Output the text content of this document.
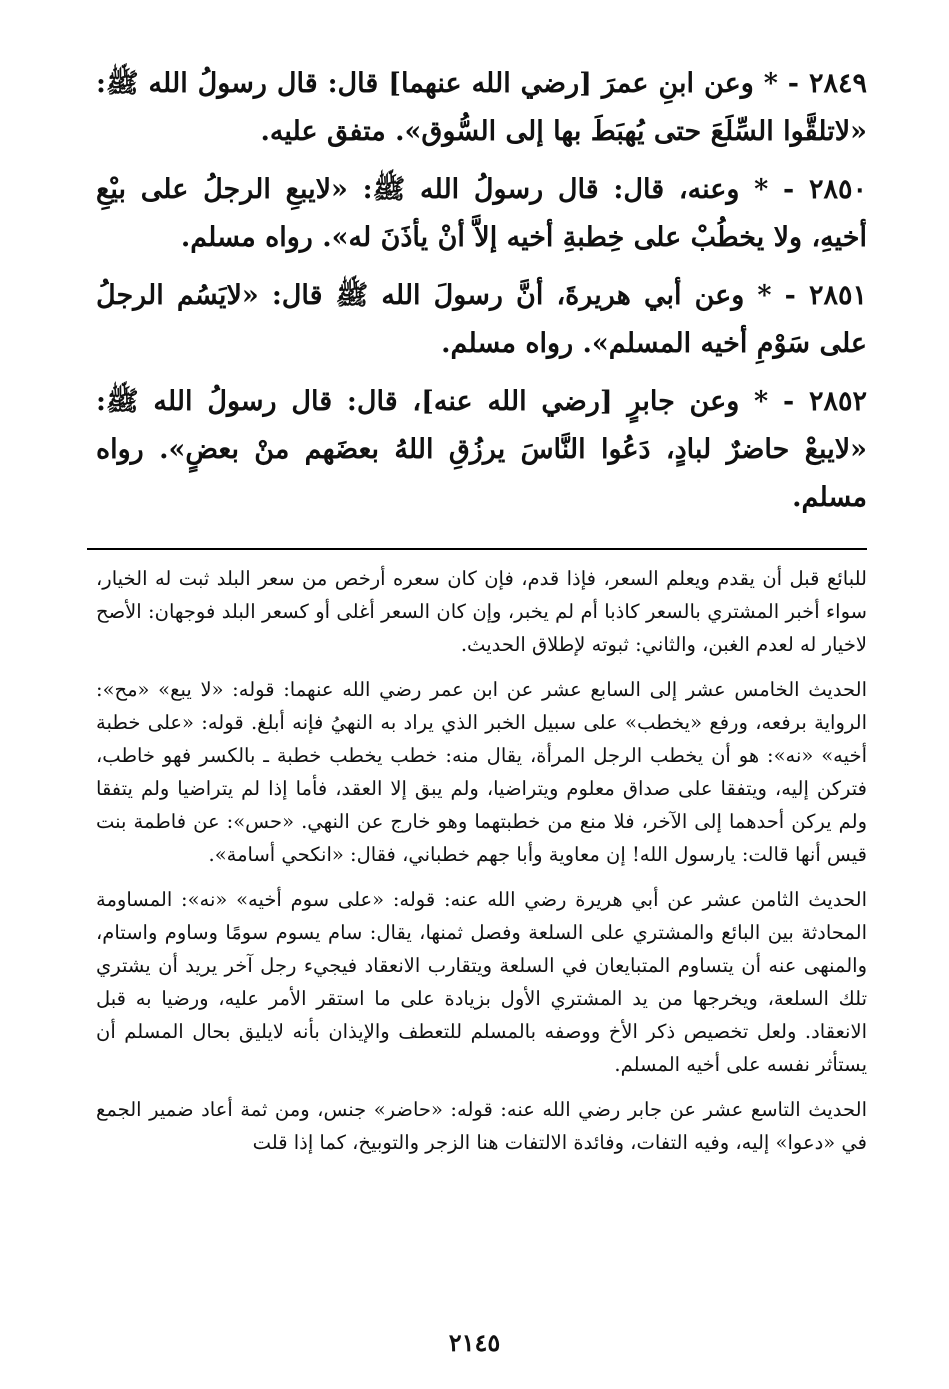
٢٨٤٩ - * وعن ابنِ عمرَ [رضي الله عنهما] قال: قال رسولُ الله ﷺ: «لاتلقَّوا السِّلَعَ حتى يُهبَطَ بها إلى السُّوق». متفق عليه.

٢٨٥٠ - * وعنه، قال: قال رسولُ الله ﷺ: «لايبعِ الرجلُ على بيْعِ أخيهِ، ولا يخطُبْ على خِطبةِ أخيه إلاَّ أنْ يأذَنَ له». رواه مسلم.

٢٨٥١ - * وعن أبي هريرةَ، أنَّ رسولَ الله ﷺ قال: «لايَسُم الرجلُ على سَوْمِ أخيه المسلم». رواه مسلم.

٢٨٥٢ - * وعن جابرٍ [رضي الله عنه]، قال: قال رسولُ الله ﷺ: «لايبعْ حاضرٌ لبادٍ، دَعُوا النَّاسَ يرزُقِ اللهُ بعضَهم منْ بعضٍ». رواه مسلم.

للبائع قبل أن يقدم ويعلم السعر، فإذا قدم، فإن كان سعره أرخص من سعر البلد ثبت له الخيار، سواء أخبر المشتري بالسعر كاذبا أم لم يخبر، وإن كان السعر أغلى أو كسعر البلد فوجهان: الأصح لاخيار له لعدم الغبن، والثاني: ثبوته لإطلاق الحديث.

الحديث الخامس عشر إلى السابع عشر عن ابن عمر رضي الله عنهما: قوله: «لا يبع» «مح»: الرواية برفعه، ورفع «يخطب» على سبيل الخبر الذي يراد به النهيُ فإنه أبلغ. قوله: «على خطبة أخيه» «نه»: هو أن يخطب الرجل المرأة، يقال منه: خطب يخطب خطبة ـ بالكسر فهو خاطب، فتركن إليه، ويتفقا على صداق معلوم ويتراضيا، ولم يبق إلا العقد، فأما إذا لم يتراضيا ولم يتفقا ولم يركن أحدهما إلى الآخر، فلا منع من خطبتهما وهو خارج عن النهي. «حس»: عن فاطمة بنت قيس أنها قالت: يارسول الله! إن معاوية وأبا جهم خطباني، فقال: «انكحي أسامة».

الحديث الثامن عشر عن أبي هريرة رضي الله عنه: قوله: «على سوم أخيه» «نه»: المساومة المحادثة بين البائع والمشتري على السلعة وفصل ثمنها، يقال: سام يسوم سومًا وساوم واستام، والمنهى عنه أن يتساوم المتبايعان في السلعة ويتقارب الانعقاد فيجيء رجل آخر يريد أن يشتري تلك السلعة، ويخرجها من يد المشتري الأول بزيادة على ما استقر الأمر عليه، ورضيا به قبل الانعقاد. ولعل تخصيص ذكر الأخ ووصفه بالمسلم للتعطف والإيذان بأنه لايليق بحال المسلم أن يستأثر نفسه على أخيه المسلم.

الحديث التاسع عشر عن جابر رضي الله عنه: قوله: «حاضر» جنس، ومن ثمة أعاد ضمير الجمع في «دعوا» إليه، وفيه التفات، وفائدة الالتفات هنا الزجر والتوبيخ، كما إذا قلت

٢١٤٥
